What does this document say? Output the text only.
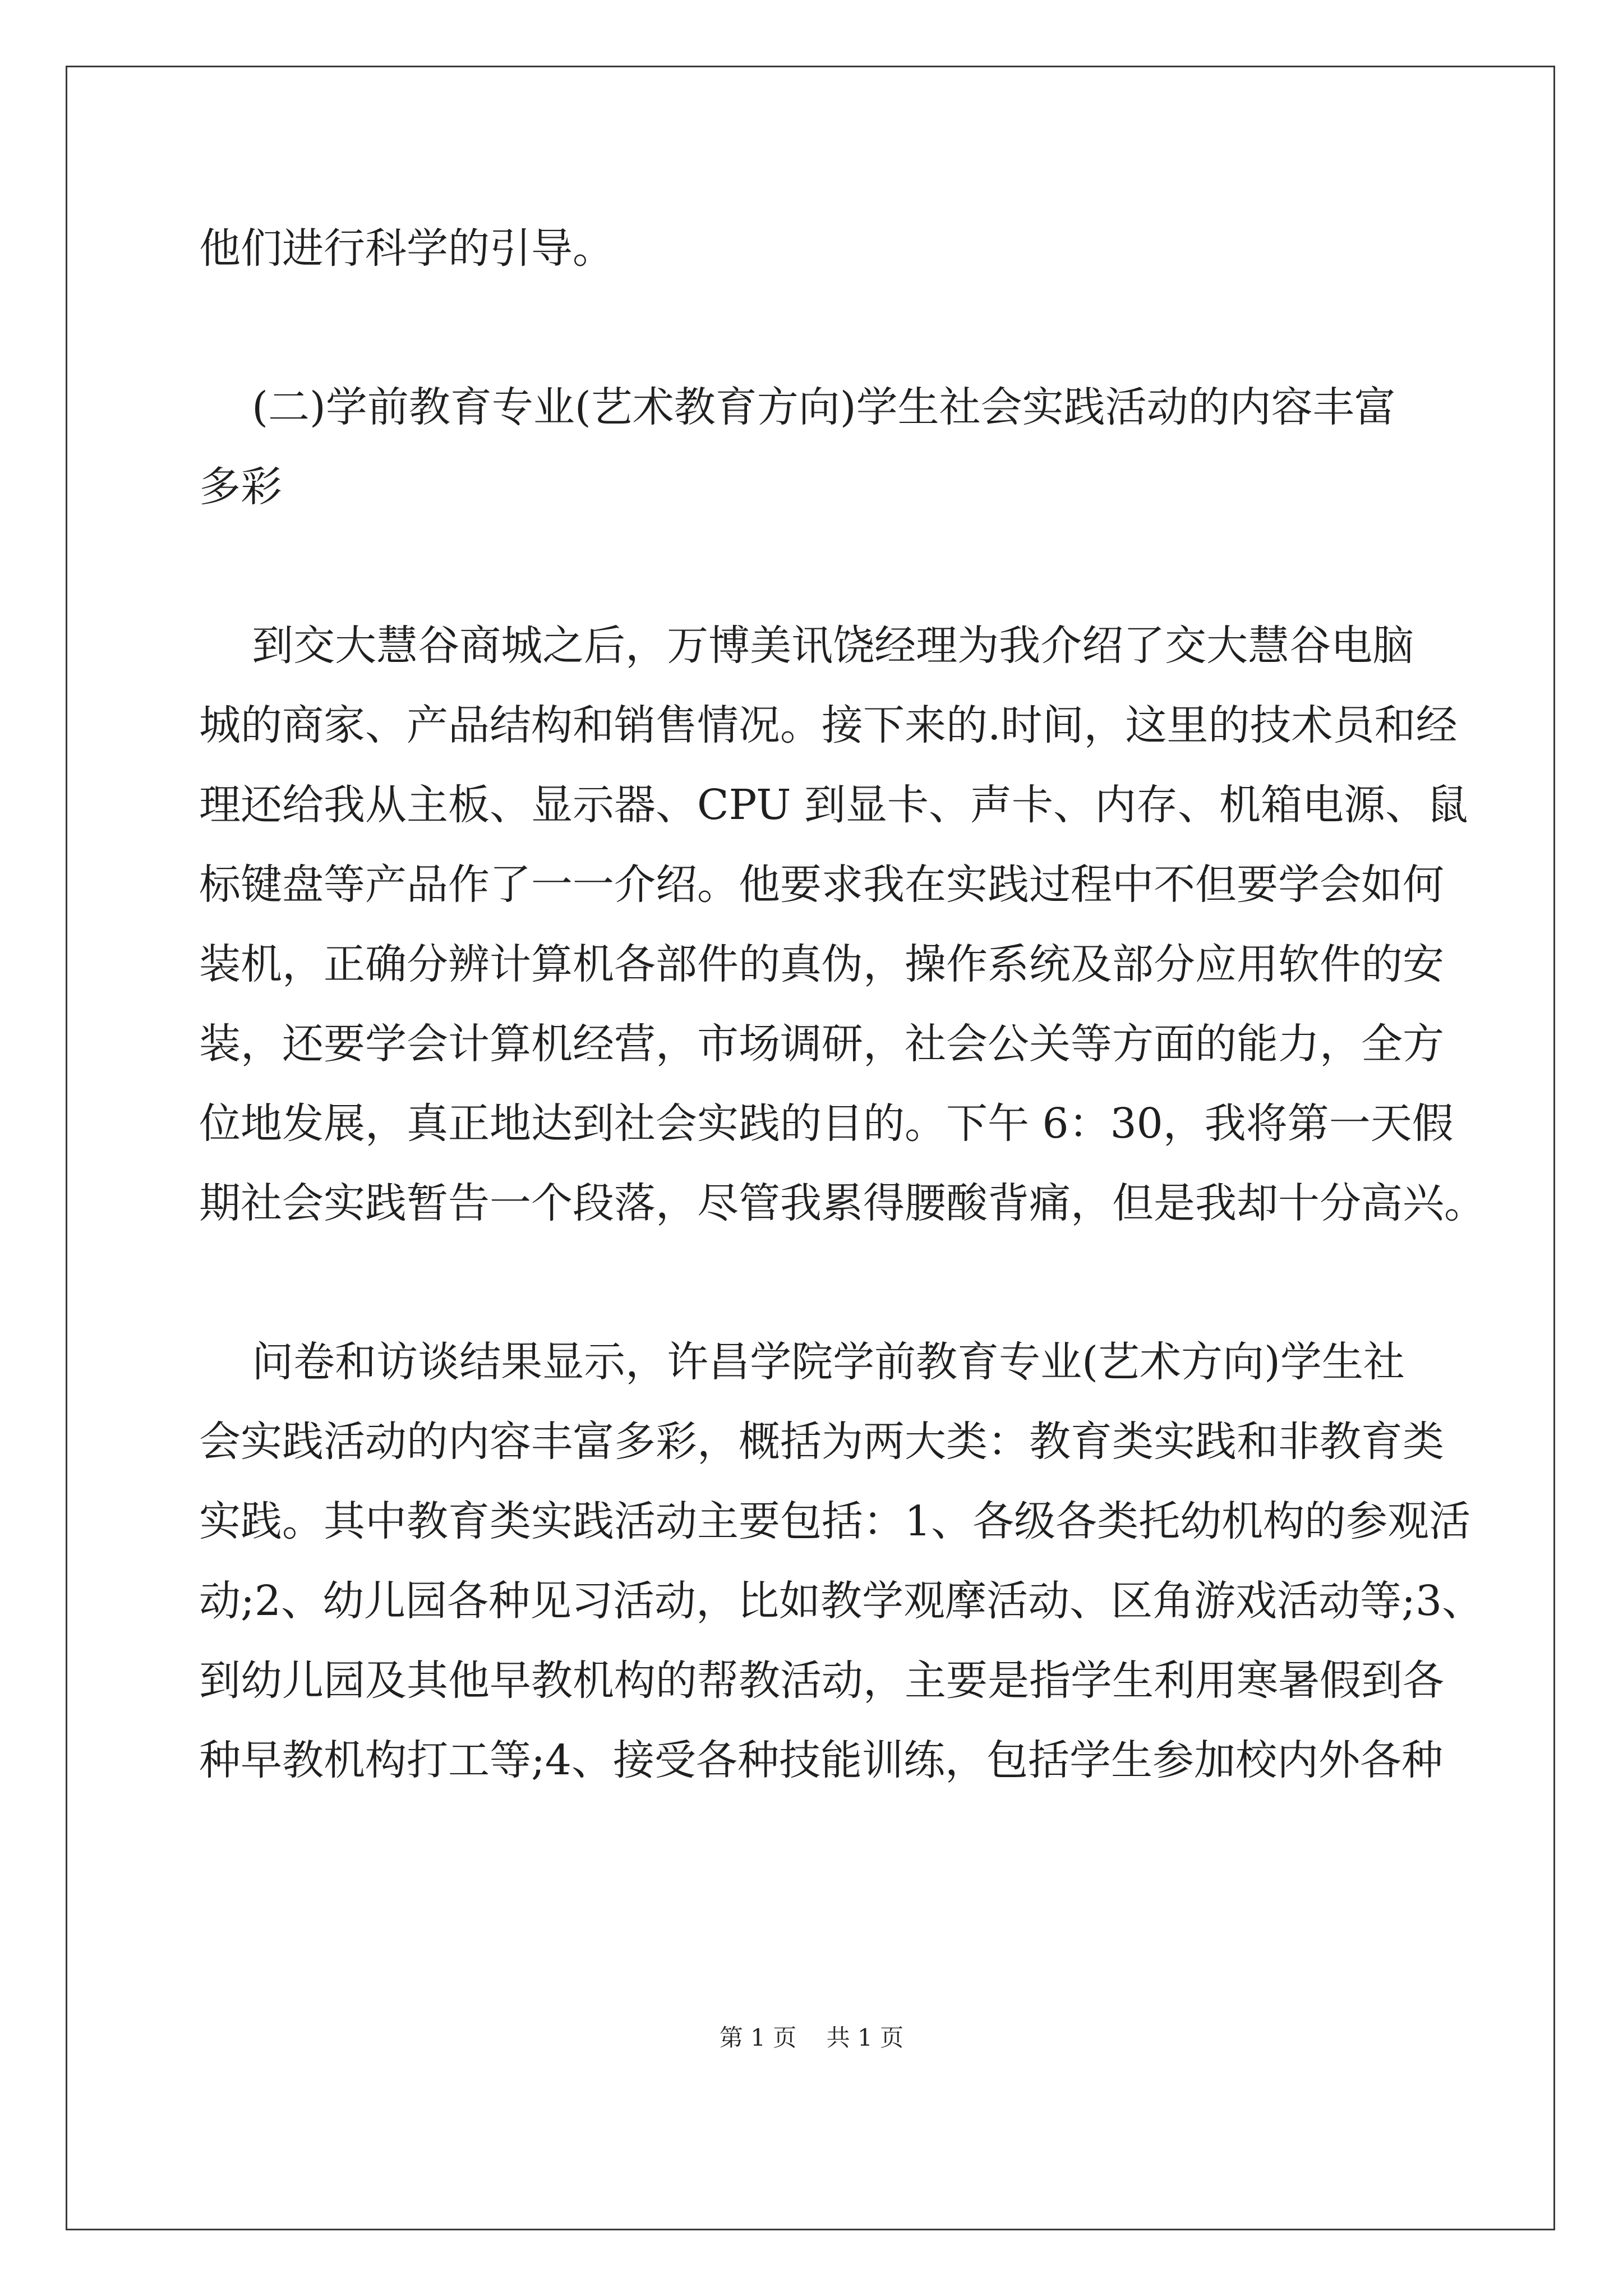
他们进行科学的引导。
(二)学前教育专业(艺术教育方向)学生社会实践活动的内容丰富
多彩
到交大慧谷商城之后，万博美讯饶经理为我介绍了交大慧谷电脑
城的商家、产品结构和销售情况。接下来的.时间，这里的技术员和经
理还给我从主板、显示器、CPU 到显卡、声卡、内存、机箱电源、鼠
标键盘等产品作了一一介绍。他要求我在实践过程中不但要学会如何
装机，正确分辨计算机各部件的真伪，操作系统及部分应用软件的安
装，还要学会计算机经营，市场调研，社会公关等方面的能力，全方
位地发展，真正地达到社会实践的目的。下午 6：30，我将第一天假
期社会实践暂告一个段落，尽管我累得腰酸背痛，但是我却十分高兴。
问卷和访谈结果显示，许昌学院学前教育专业(艺术方向)学生社
会实践活动的内容丰富多彩，概括为两大类：教育类实践和非教育类
实践。其中教育类实践活动主要包括：1、各级各类托幼机构的参观活
动;2、幼儿园各种见习活动，比如教学观摩活动、区角游戏活动等;3、
到幼儿园及其他早教机构的帮教活动，主要是指学生利用寒暑假到各
种早教机构打工等;4、接受各种技能训练，包括学生参加校内外各种
第 1 页 共 1 页
